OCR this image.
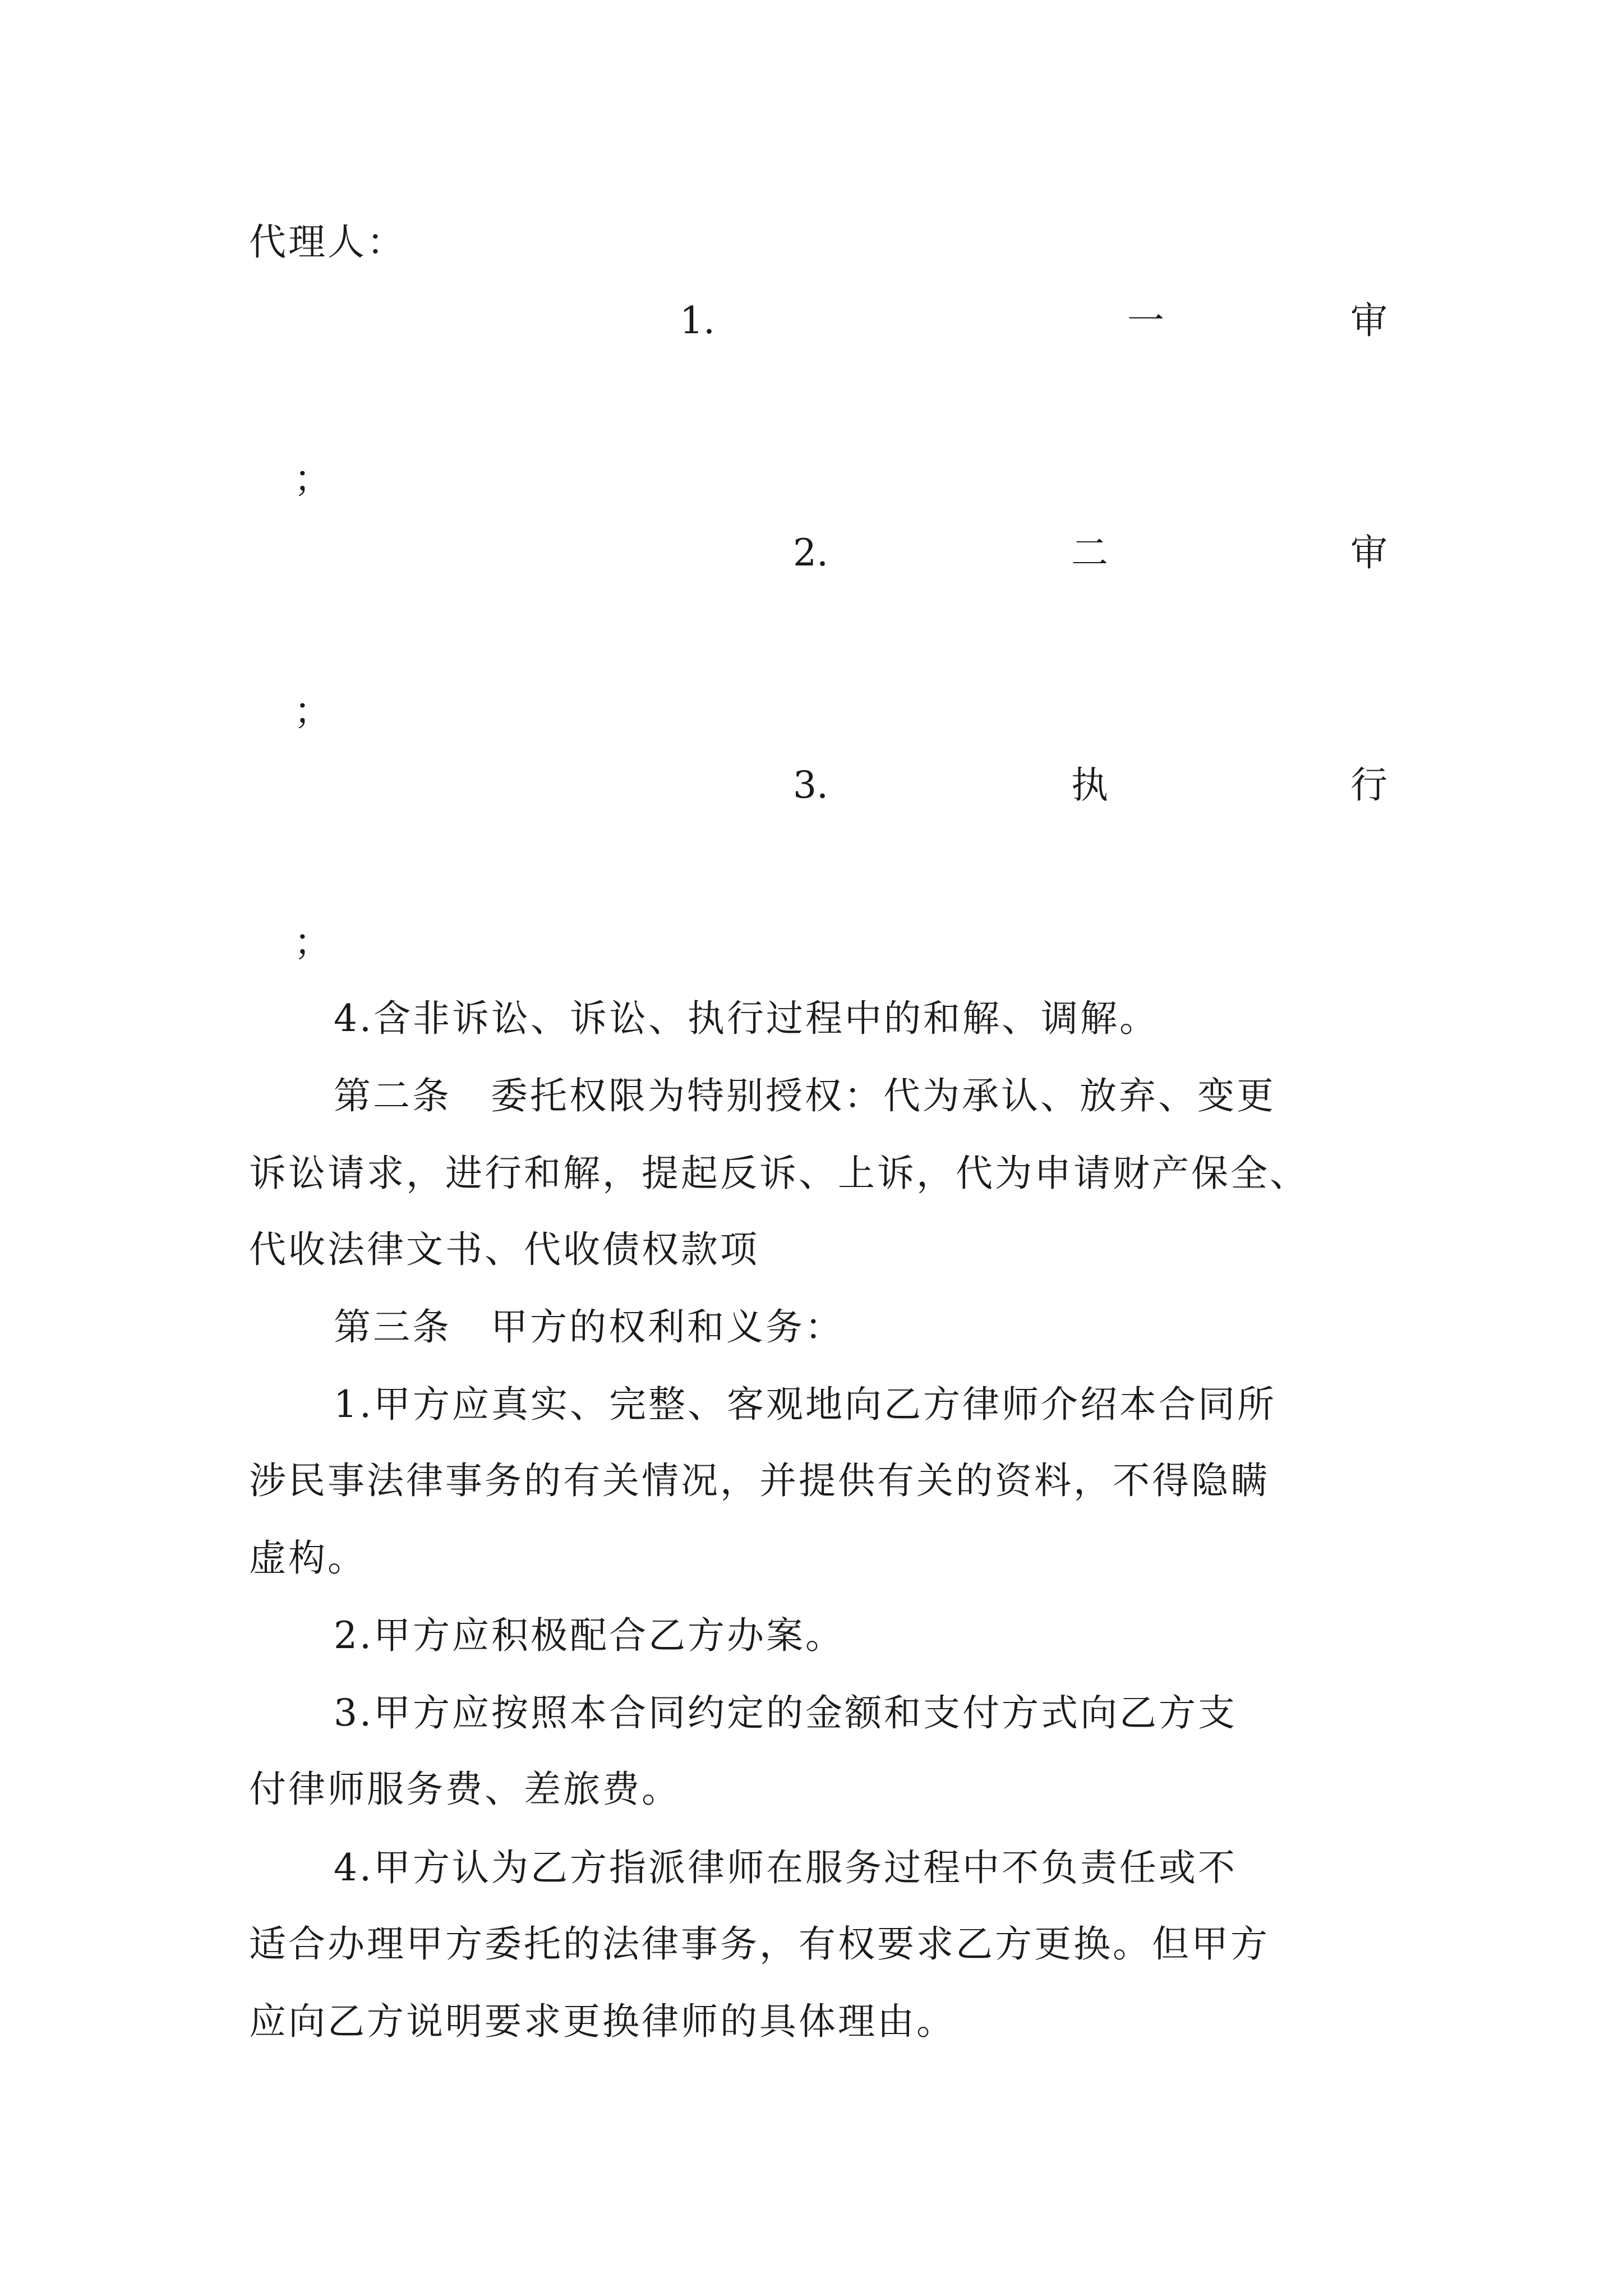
代理人：
1.	一	审
；
2.	二	审
；
3.	执	行
；
4.含非诉讼、诉讼、执行过程中的和解、调解。
第二条　委托权限为特别授权：代为承认、放弃、变更
诉讼请求，进行和解，提起反诉、上诉，代为申请财产保全、
代收法律文书、代收债权款项
第三条　甲方的权利和义务：
1.甲方应真实、完整、客观地向乙方律师介绍本合同所
涉民事法律事务的有关情况，并提供有关的资料，不得隐瞒
虚构。
2.甲方应积极配合乙方办案。
3.甲方应按照本合同约定的金额和支付方式向乙方支
付律师服务费、差旅费。
4.甲方认为乙方指派律师在服务过程中不负责任或不
适合办理甲方委托的法律事务，有权要求乙方更换。但甲方
应向乙方说明要求更换律师的具体理由。
